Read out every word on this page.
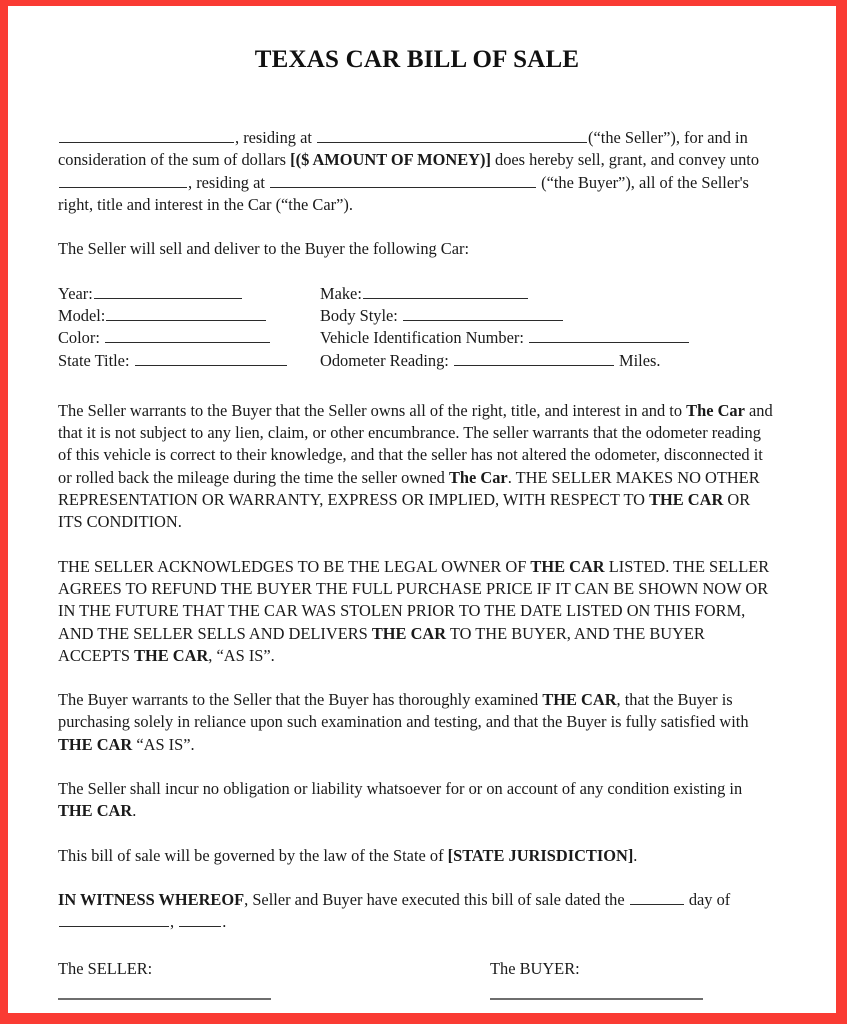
TEXAS CAR BILL OF SALE

, residing at	(“the Seller”), for and in consideration of the sum of dollars [($ AMOUNT OF MONEY)] does hereby sell, grant, and convey unto , residing at	(“the Buyer”), all of the Seller's right, title and interest in the Car (“the Car”).

The Seller will sell and deliver to the Buyer the following Car:

Year:	Make:
Model:	Body Style:
Color:	Vehicle Identification Number:
State Title:	Odometer Reading:	Miles.

The Seller warrants to the Buyer that the Seller owns all of the right, title, and interest in and to The Car and that it is not subject to any lien, claim, or other encumbrance. The seller warrants that the odometer reading of this vehicle is correct to their knowledge, and that the seller has not altered the odometer, disconnected it or rolled back the mileage during the time the seller owned The Car. THE SELLER MAKES NO OTHER REPRESENTATION OR WARRANTY, EXPRESS OR IMPLIED, WITH RESPECT TO THE CAR OR ITS CONDITION.

THE SELLER ACKNOWLEDGES TO BE THE LEGAL OWNER OF THE CAR LISTED. THE SELLER AGREES TO REFUND THE BUYER THE FULL PURCHASE PRICE IF IT CAN BE SHOWN NOW OR IN THE FUTURE THAT THE CAR WAS STOLEN PRIOR TO THE DATE LISTED ON THIS FORM, AND THE SELLER SELLS AND DELIVERS THE CAR TO THE BUYER, AND THE BUYER ACCEPTS THE CAR, “AS IS”.

The Buyer warrants to the Seller that the Buyer has thoroughly examined THE CAR, that the Buyer is purchasing solely in reliance upon such examination and testing, and that the Buyer is fully satisfied with THE CAR “AS IS”.

The Seller shall incur no obligation or liability whatsoever for or on account of any condition existing in THE CAR.

This bill of sale will be governed by the law of the State of [STATE JURISDICTION].

IN WITNESS WHEREOF, Seller and Buyer have executed this bill of sale dated the	day of ,	.

The SELLER:	The BUYER:
